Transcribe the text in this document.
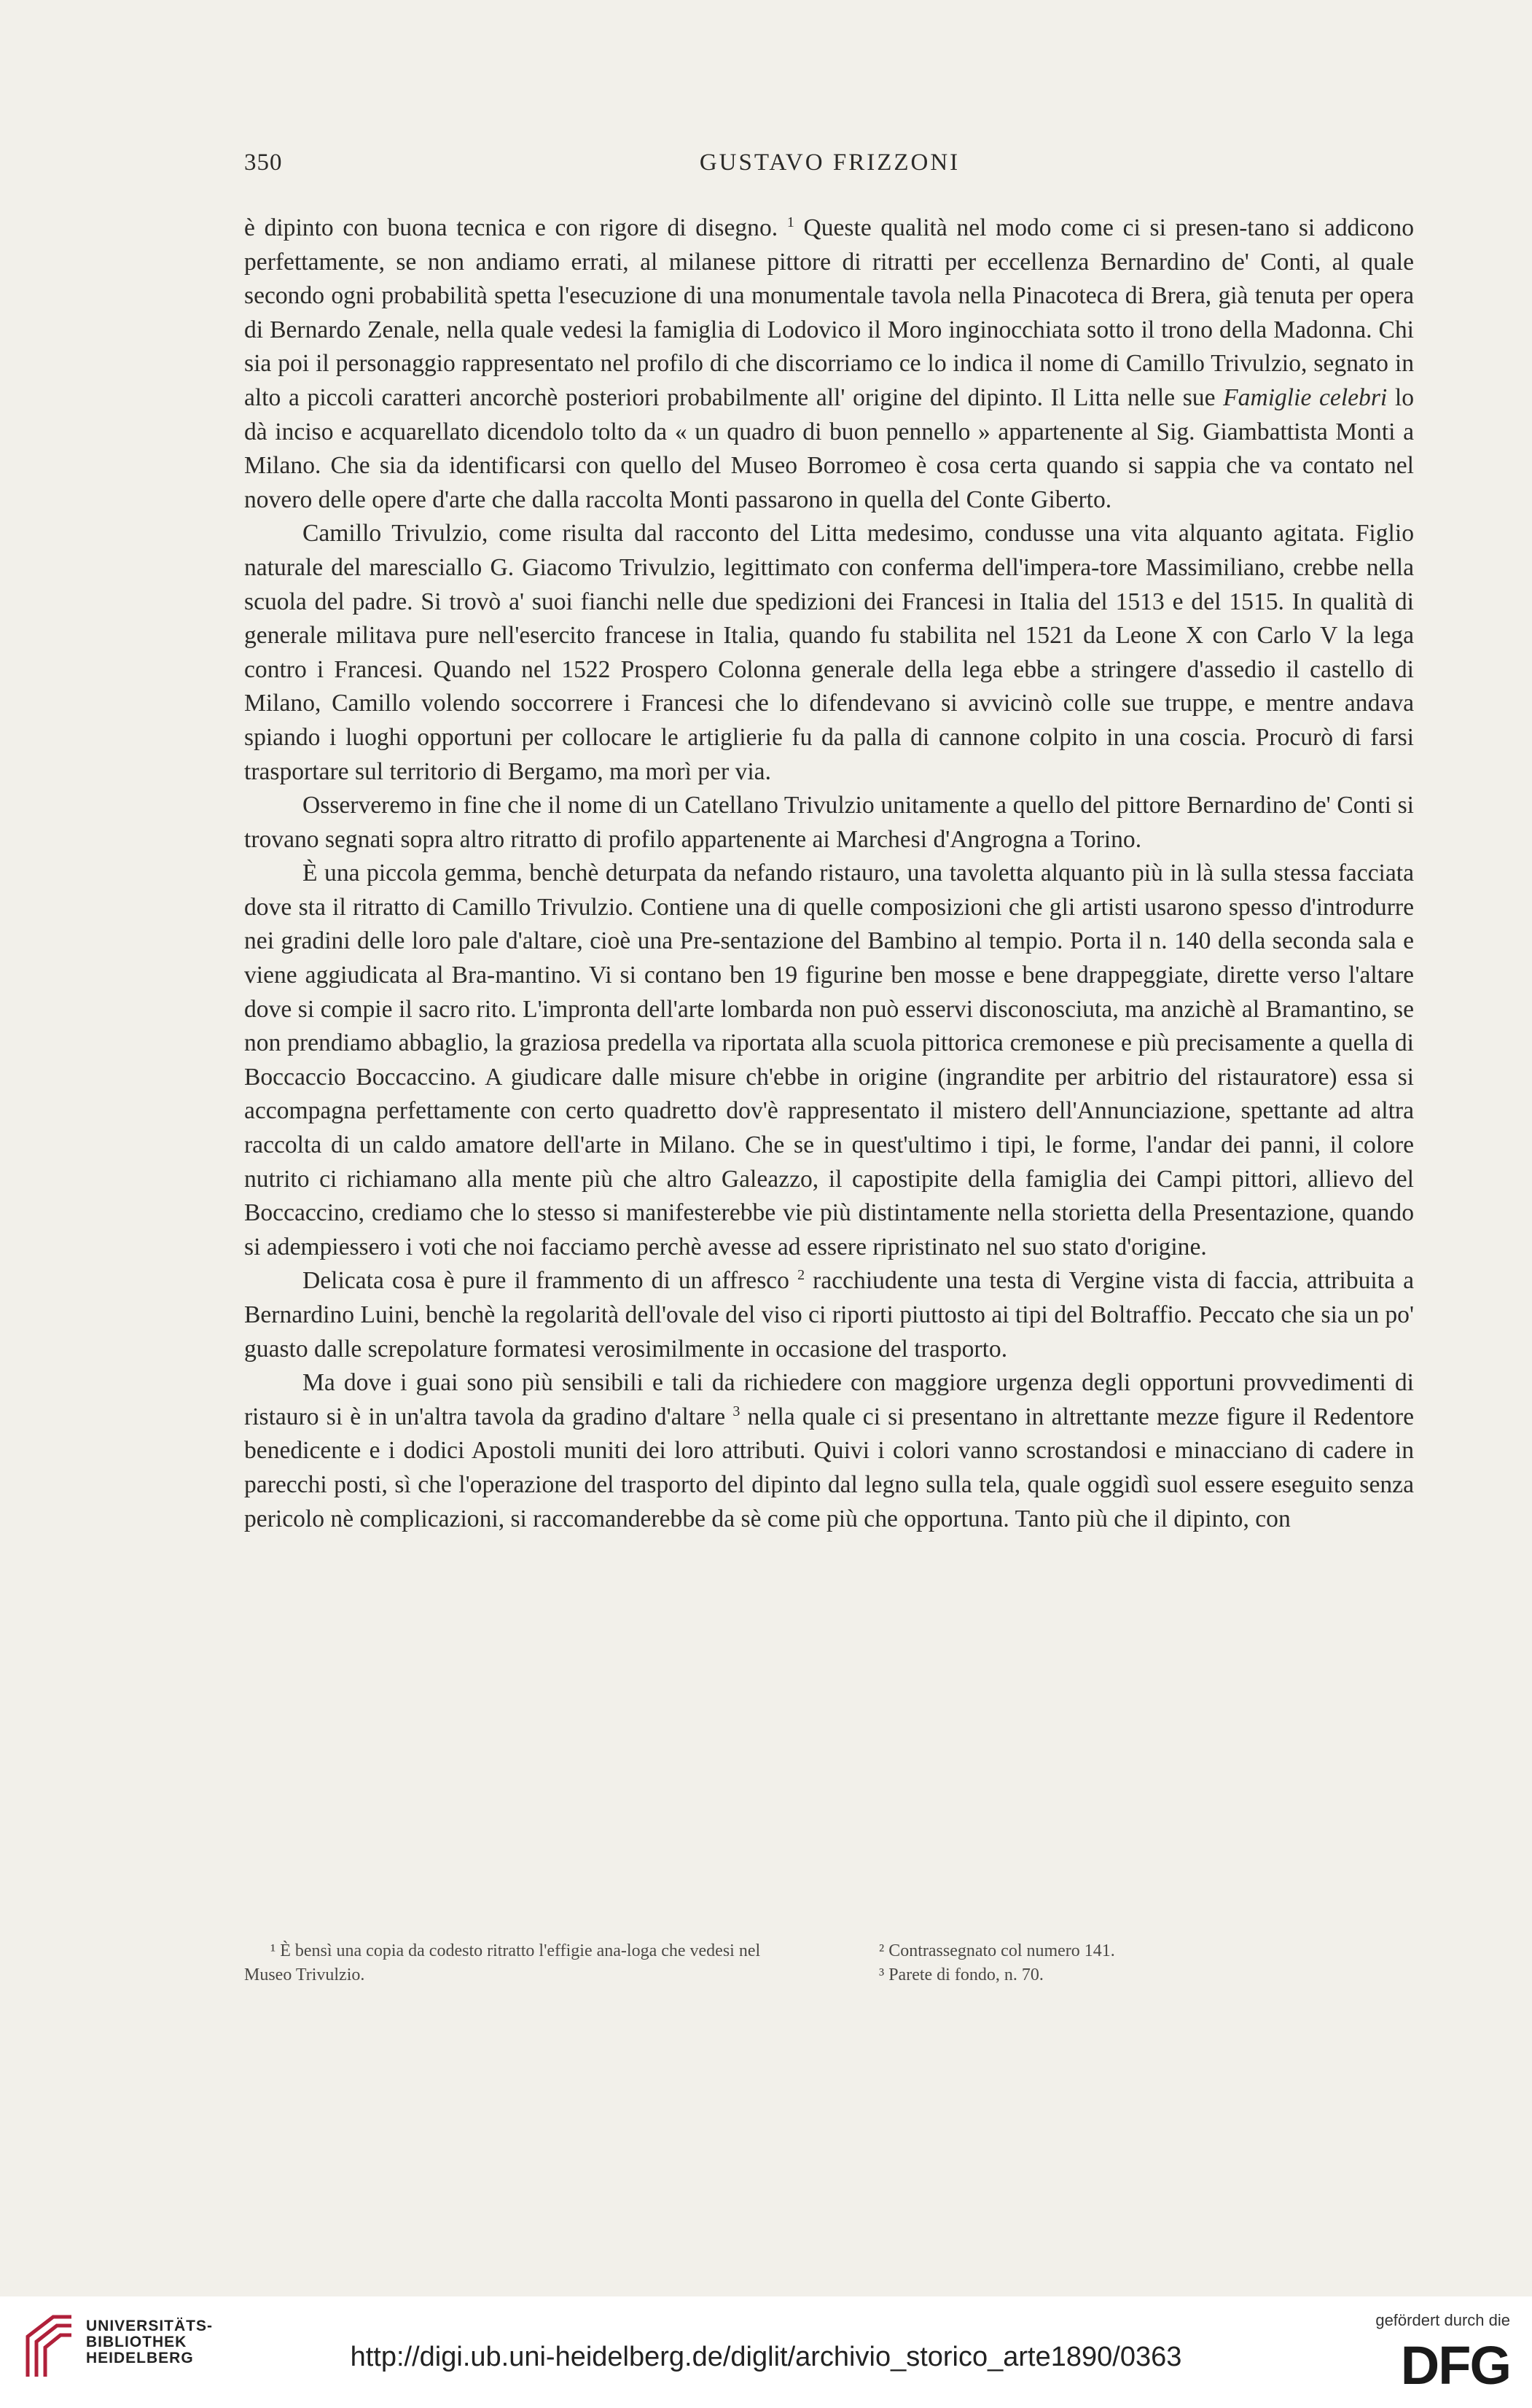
350	GUSTAVO FRIZZONI

è dipinto con buona tecnica e con rigore di disegno. $^1$ Queste qualità nel modo come ci si presen-tano si addicono perfettamente, se non andiamo errati, al milanese pittore di ritratti per eccellenza Bernardino de' Conti, al quale secondo ogni probabilità spetta l'esecuzione di una monumentale tavola nella Pinacoteca di Brera, già tenuta per opera di Bernardo Zenale, nella quale vedesi la famiglia di Lodovico il Moro inginocchiata sotto il trono della Madonna. Chi sia poi il personaggio rappresentato nel profilo di che discorriamo ce lo indica il nome di Camillo Trivulzio, segnato in alto a piccoli caratteri ancorchè posteriori probabilmente all' origine del dipinto. Il Litta nelle sue Famiglie celebri lo dà inciso e acquarellato dicendolo tolto da « un quadro di buon pennello » appartenente al Sig. Giambattista Monti a Milano. Che sia da identificarsi con quello del Museo Borromeo è cosa certa quando si sappia che va contato nel novero delle opere d'arte che dalla raccolta Monti passarono in quella del Conte Giberto.

Camillo Trivulzio, come risulta dal racconto del Litta medesimo, condusse una vita alquanto agitata. Figlio naturale del maresciallo G. Giacomo Trivulzio, legittimato con conferma dell'impera-tore Massimiliano, crebbe nella scuola del padre. Si trovò a' suoi fianchi nelle due spedizioni dei Francesi in Italia del 1513 e del 1515. In qualità di generale militava pure nell'esercito francese in Italia, quando fu stabilita nel 1521 da Leone X con Carlo V la lega contro i Francesi. Quando nel 1522 Prospero Colonna generale della lega ebbe a stringere d'assedio il castello di Milano, Camillo volendo soccorrere i Francesi che lo difendevano si avvicinò colle sue truppe, e mentre andava spiando i luoghi opportuni per collocare le artiglierie fu da palla di cannone colpito in una coscia. Procurò di farsi trasportare sul territorio di Bergamo, ma morì per via.

Osserveremo in fine che il nome di un Catellano Trivulzio unitamente a quello del pittore Bernardino de' Conti si trovano segnati sopra altro ritratto di profilo appartenente ai Marchesi d'Angrogna a Torino.

È una piccola gemma, benchè deturpata da nefando ristauro, una tavoletta alquanto più in là sulla stessa facciata dove sta il ritratto di Camillo Trivulzio. Contiene una di quelle composizioni che gli artisti usarono spesso d'introdurre nei gradini delle loro pale d'altare, cioè una Pre-sentazione del Bambino al tempio. Porta il n. 140 della seconda sala e viene aggiudicata al Bra-mantino. Vi si contano ben 19 figurine ben mosse e bene drappeggiate, dirette verso l'altare dove si compie il sacro rito. L'impronta dell'arte lombarda non può esservi disconosciuta, ma anzichè al Bramantino, se non prendiamo abbaglio, la graziosa predella va riportata alla scuola pittorica cremonese e più precisamente a quella di Boccaccio Boccaccino. A giudicare dalle misure ch'ebbe in origine (ingrandite per arbitrio del ristauratore) essa si accompagna perfettamente con certo quadretto dov'è rappresentato il mistero dell'Annunciazione, spettante ad altra raccolta di un caldo amatore dell'arte in Milano. Che se in quest'ultimo i tipi, le forme, l'andar dei panni, il colore nutrito ci richiamano alla mente più che altro Galeazzo, il capostipite della famiglia dei Campi pittori, allievo del Boccaccino, crediamo che lo stesso si manifesterebbe vie più distintamente nella storietta della Presentazione, quando si adempiessero i voti che noi facciamo perchè avesse ad essere ripristinato nel suo stato d'origine.

Delicata cosa è pure il frammento di un affresco $^2$ racchiudente una testa di Vergine vista di faccia, attribuita a Bernardino Luini, benchè la regolarità dell'ovale del viso ci riporti piuttosto ai tipi del Boltraffio. Peccato che sia un po' guasto dalle screpolature formatesi verosimilmente in occasione del trasporto.

Ma dove i guai sono più sensibili e tali da richiedere con maggiore urgenza degli opportuni provvedimenti di ristauro si è in un'altra tavola da gradino d'altare $^3$ nella quale ci si presentano in altrettante mezze figure il Redentore benedicente e i dodici Apostoli muniti dei loro attributi. Quivi i colori vanno scrostandosi e minacciano di cadere in parecchi posti, sì che l'operazione del trasporto del dipinto dal legno sulla tela, quale oggidì suol essere eseguito senza pericolo nè complicazioni, si raccomanderebbe da sè come più che opportuna. Tanto più che il dipinto, con

¹ È bensì una copia da codesto ritratto l'effigie ana-loga che vedesi nel Museo Trivulzio.
² Contrassegnato col numero 141.
³ Parete di fondo, n. 70.
UNIVERSITÄTS-
BIBLIOTHEK
HEIDELBERG	http://digi.ub.uni-heidelberg.de/diglit/archivio_storico_arte1890/0363
gefördert durch die
DFG
